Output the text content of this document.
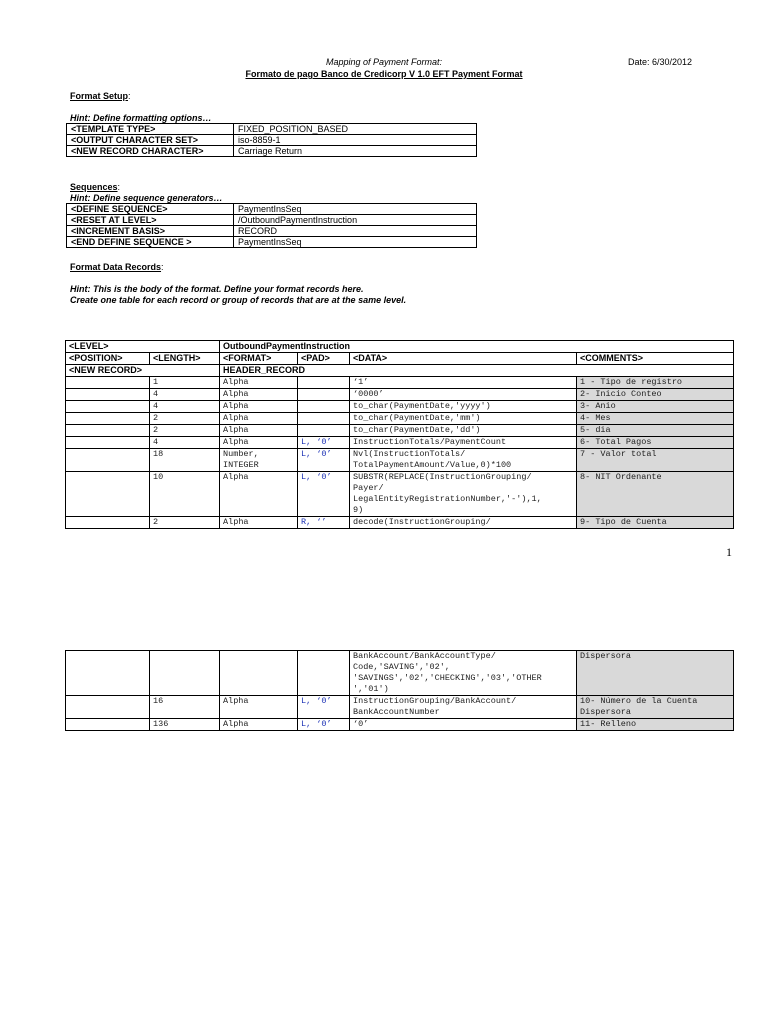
Mapping of Payment Format:	Date: 6/30/2012
Formato de pago Banco de Credicorp V 1.0 EFT Payment Format
Format Setup:
Hint: Define formatting options…
<TEMPLATE TYPE>	FIXED_POSITION_BASED
<OUTPUT CHARACTER SET>	iso-8859-1
<NEW RECORD CHARACTER>	Carriage Return
Sequences:
Hint: Define sequence generators…
<DEFINE SEQUENCE>	PaymentInsSeq
<RESET AT LEVEL>	/OutboundPaymentInstruction
<INCREMENT BASIS>	RECORD
<END DEFINE SEQUENCE >	PaymentInsSeq
Format Data Records:
Hint: This is the body of the format. Define your format records here.
Create one table for each record or group of records that are at the same level.
<LEVEL>		OutboundPaymentInstruction			
<POSITION>	<LENGTH>	<FORMAT>	<PAD>	<DATA>	<COMMENTS>
<NEW RECORD>		HEADER_RECORD			
	1	Alpha		‘1’	1 - Tipo de registro
	4	Alpha		‘0000’	2- Inicio Conteo
	4	Alpha		to_char(PaymentDate,'yyyy')	3- Anio
	2	Alpha		to_char(PaymentDate,'mm')	4- Mes
	2	Alpha		to_char(PaymentDate,'dd')	5- dia
	4	Alpha	L, ‘0’	InstructionTotals/PaymentCount	6- Total Pagos
	18	Number,
INTEGER	L, ‘0’	Nvl(InstructionTotals/
TotalPaymentAmount/Value,0)*100	7 - Valor total
	10	Alpha	L, ‘0’	SUBSTR(REPLACE(InstructionGrouping/
Payer/
LegalEntityRegistrationNumber,'-'),1,
9)	8- NIT Ordenante
	2	Alpha	R, ‘’	decode(InstructionGrouping/	9- Tipo de Cuenta
1
				BankAccount/BankAccountType/
Code,'SAVING','02',
'SAVINGS','02','CHECKING','03','OTHER
','01')	Dispersora
	16	Alpha	L, ‘0’	InstructionGrouping/BankAccount/
BankAccountNumber	10- Número de la Cuenta
Dispersora
	136	Alpha	L, ‘0’	‘0’	11- Relleno
